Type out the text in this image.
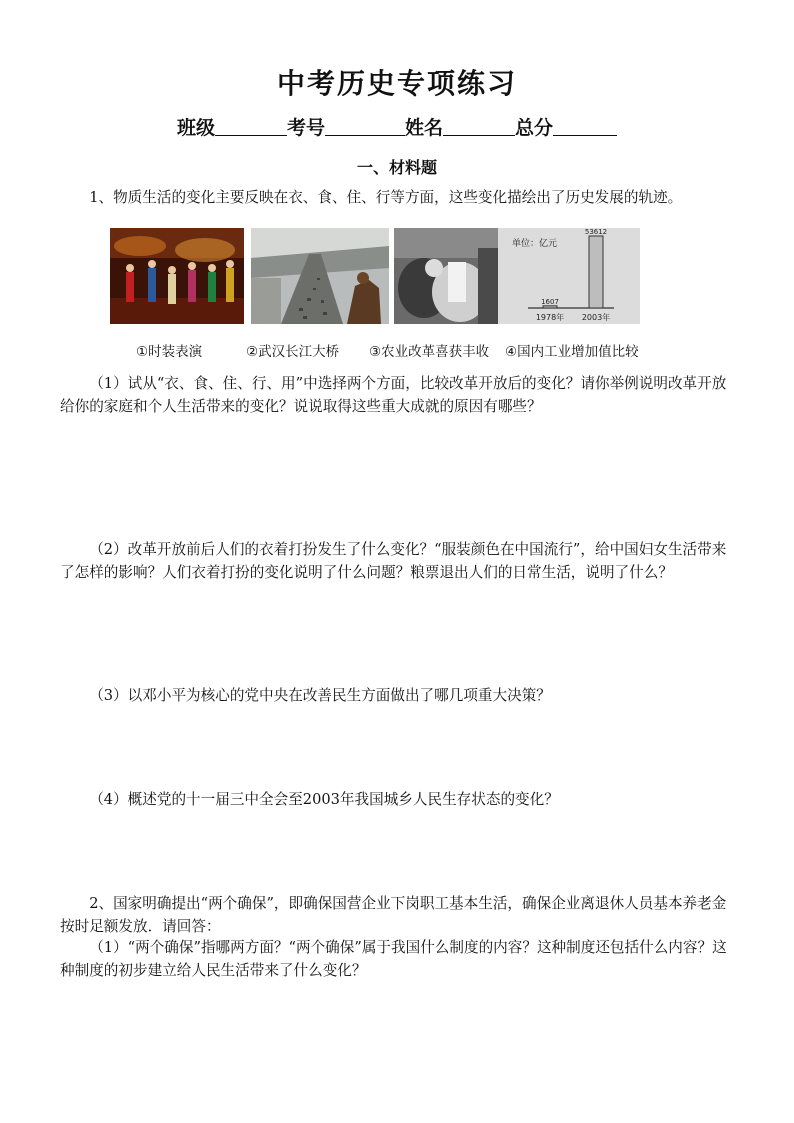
中考历史专项练习
班级	考号	姓名	总分
一、材料题
1、物质生活的变化主要反映在衣、食、住、行等方面，这些变化描绘出了历史发展的轨迹。
单位：亿元
1607
1978年
53612
2003年
①时装表演	②武汉长江大桥 ③农业改革喜获丰收 ④国内工业增加值比较
（1）试从“衣、食、住、行、用”中选择两个方面，比较改革开放后的变化？请你举例说明改革开放给你的家庭和个人生活带来的变化？说说取得这些重大成就的原因有哪些？
（2）改革开放前后人们的衣着打扮发生了什么变化？“服装颜色在中国流行”，给中国妇女生活带来了怎样的影响？人们衣着打扮的变化说明了什么问题？粮票退出人们的日常生活，说明了什么？
（3）以邓小平为核心的党中央在改善民生方面做出了哪几项重大决策？
（4）概述党的十一届三中全会至2003年我国城乡人民生存状态的变化？
2、国家明确提出“两个确保”，即确保国营企业下岗职工基本生活，确保企业离退休人员基本养老金按时足额发放．请回答：
（1）“两个确保”指哪两方面？“两个确保”属于我国什么制度的内容？这种制度还包括什么内容？这种制度的初步建立给人民生活带来了什么变化？
